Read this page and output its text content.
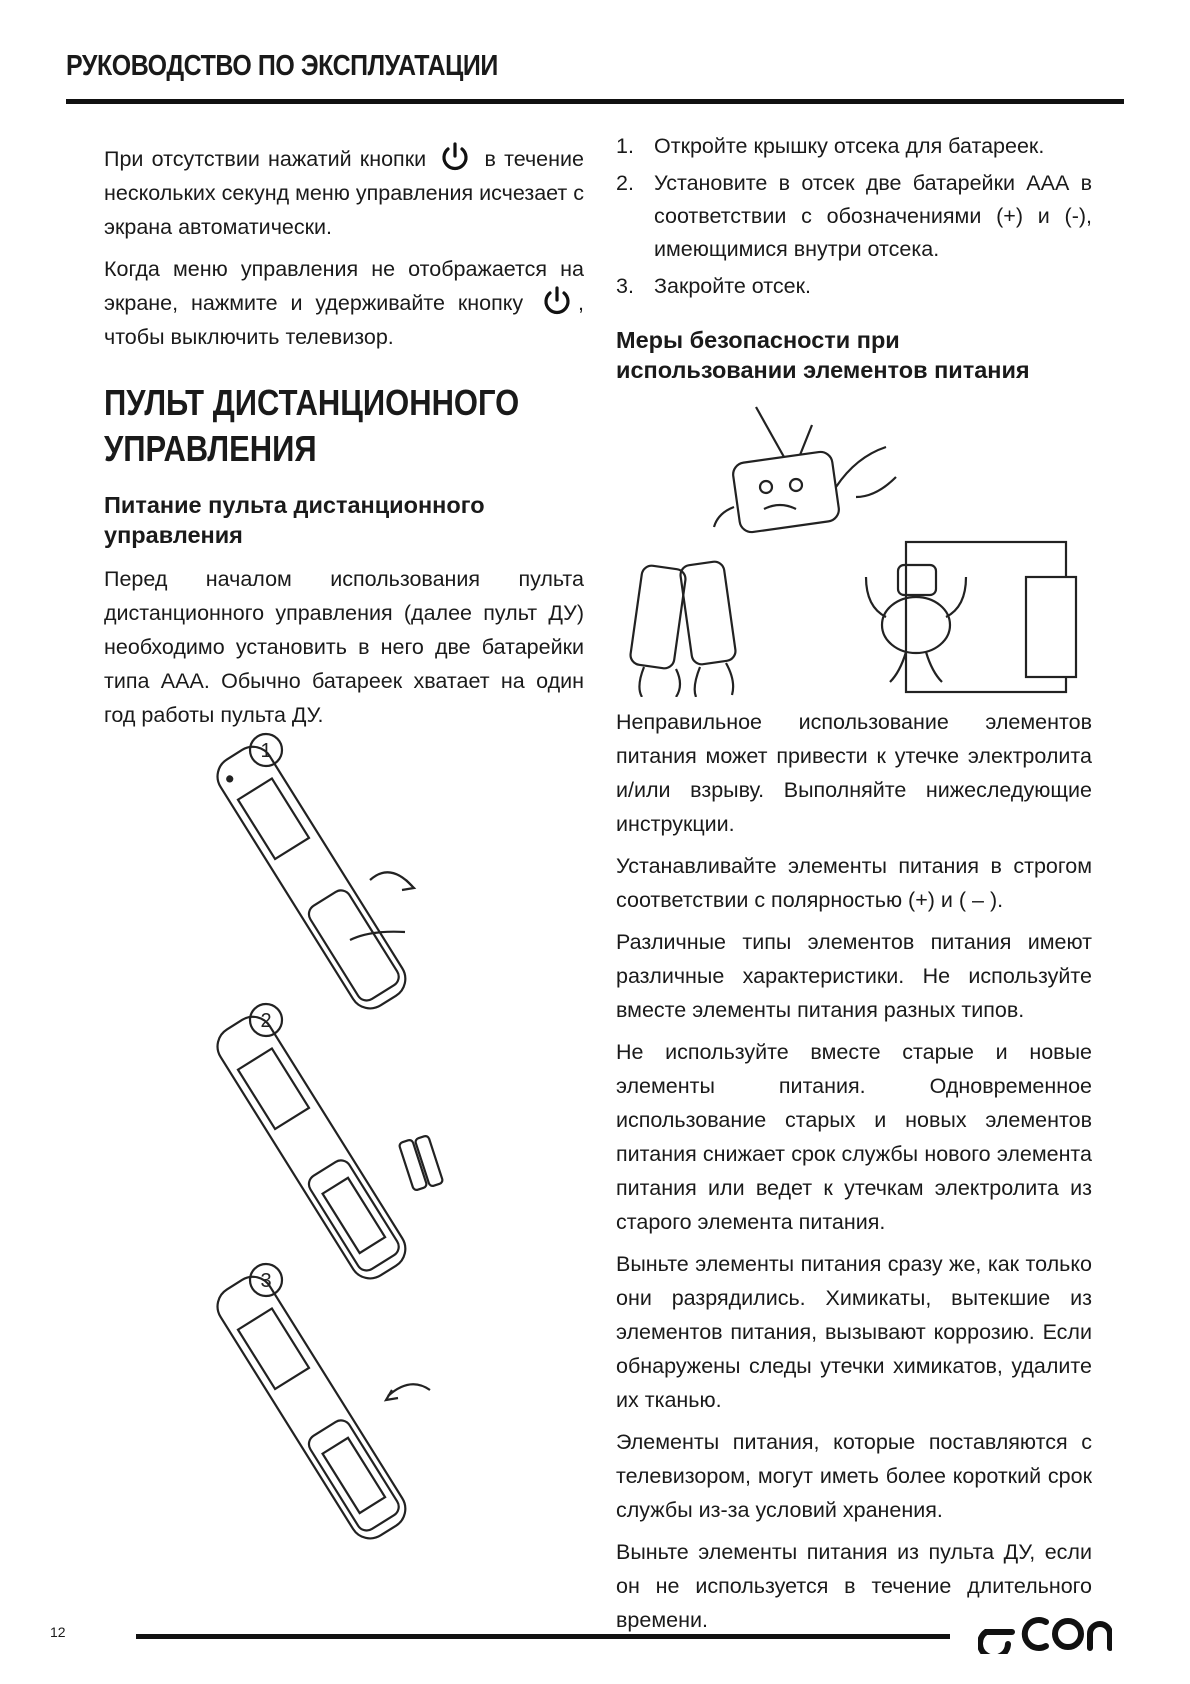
РУКОВОДСТВО ПО ЭКСПЛУАТАЦИИ

При отсутствии нажатий кнопки	в течение нескольких секунд меню управления исчезает с экрана автоматически.

Когда меню управления не отображается на экране, нажмите и удерживайте кнопку	, чтобы выключить телевизор.

ПУЛЬТ ДИСТАНЦИОННОГО
УПРАВЛЕНИЯ
Питание пульта дистанционного управления

Перед началом использования пульта дистанционного управления (далее пульт ДУ) необходимо установить в него две батарейки типа ААА. Обычно батареек хватает на один год работы пульта ДУ.

1
2
3
1. Откройте крышку отсека для батареек.
2. Установите в отсек две батарейки ААА в соответствии с обозначениями (+) и (-), имеющимися внутри отсека.
3. Закройте отсек.
Меры безопасности при использовании элементов питания

Неправильное использование элементов питания может привести к утечке электролита и/или взрыву. Выполняйте нижеследующие инструкции.

Устанавливайте элементы питания в строгом соответствии с полярностью (+) и ( – ).

Различные типы элементов питания имеют различные характеристики. Не используйте вместе элементы питания разных типов.

Не используйте вместе старые и новые элементы питания. Одновременное использование старых и новых элементов питания снижает срок службы нового элемента питания или ведет к утечкам электролита из старого элемента питания.

Выньте элементы питания сразу же, как только они разрядились. Химикаты, вытекшие из элементов питания, вызывают коррозию. Если обнаружены следы утечки химикатов, удалите их тканью.

Элементы питания, которые поставляются с телевизором, могут иметь более короткий срок службы из-за условий хранения.

Выньте элементы питания из пульта ДУ, если он не используется в течение длительного времени.

12
